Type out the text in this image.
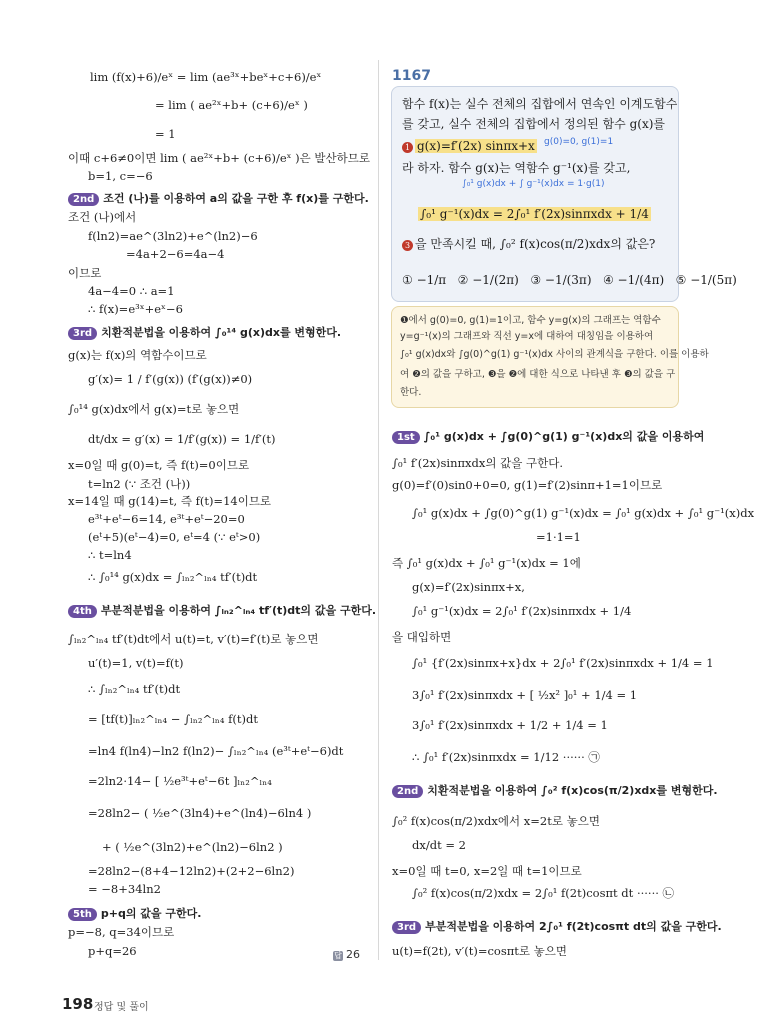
lim (f(x)+6)/eˣ = lim (ae³ˣ+beˣ+c+6)/eˣ
= lim ( ae²ˣ+b+ (c+6)/eˣ )
= 1
이때 c+6≠0이면 lim ( ae²ˣ+b+ (c+6)/eˣ )은 발산하므로
b=1, c=−6
2nd 조건 (나)를 이용하여 a의 값을 구한 후 f(x)를 구한다.
조건 (나)에서
f(ln2)=ae^(3ln2)+e^(ln2)−6
=4a+2−6=4a−4
이므로
4a−4=0 ∴ a=1
∴ f(x)=e³ˣ+eˣ−6
3rd 치환적분법을 이용하여 ∫₀¹⁴ g(x)dx를 변형한다.
g(x)는 f(x)의 역함수이므로
g′(x)= 1 / f′(g(x)) (f′(g(x))≠0)
∫₀¹⁴ g(x)dx에서 g(x)=t로 놓으면
dt/dx = g′(x) = 1/f′(g(x)) = 1/f′(t)
x=0일 때 g(0)=t, 즉 f(t)=0이므로
t=ln2 (∵ 조건 (나))
x=14일 때 g(14)=t, 즉 f(t)=14이므로
e³ᵗ+eᵗ−6=14, e³ᵗ+eᵗ−20=0
(eᵗ+5)(eᵗ−4)=0, eᵗ=4 (∵ eᵗ>0)
∴ t=ln4
∴ ∫₀¹⁴ g(x)dx = ∫ₗₙ₂^ₗₙ₄ tf′(t)dt
4th 부분적분법을 이용하여 ∫ₗₙ₂^ₗₙ₄ tf′(t)dt의 값을 구한다.
∫ₗₙ₂^ₗₙ₄ tf′(t)dt에서 u(t)=t, v′(t)=f′(t)로 놓으면
u′(t)=1, v(t)=f(t)
∴ ∫ₗₙ₂^ₗₙ₄ tf′(t)dt
= [tf(t)]ₗₙ₂^ₗₙ₄ − ∫ₗₙ₂^ₗₙ₄ f(t)dt
=ln4 f(ln4)−ln2 f(ln2)− ∫ₗₙ₂^ₗₙ₄ (e³ᵗ+eᵗ−6)dt
=2ln2·14− [ ½e³ᵗ+eᵗ−6t ]ₗₙ₂^ₗₙ₄
=28ln2− ( ½e^(3ln4)+e^(ln4)−6ln4 )
+ ( ½e^(3ln2)+e^(ln2)−6ln2 )
=28ln2−(8+4−12ln2)+(2+2−6ln2)
= −8+34ln2
5th p+q의 값을 구한다.
p=−8, q=34이므로
p+q=26	답 26
1167
함수 f(x)는 실수 전체의 집합에서 연속인 이계도함수
를 갖고, 실수 전체의 집합에서 정의된 함수 g(x)를
1 g(x)=f′(2x) sinπx+x g(0)=0, g(1)=1
라 하자. 함수 g(x)는 역함수 g⁻¹(x)를 갖고,
∫₀¹ g(x)dx + ∫ g⁻¹(x)dx = 1·g(1)
∫₀¹ g⁻¹(x)dx = 2∫₀¹ f′(2x)sinπxdx + 1/4
3 을 만족시킬 때, ∫₀² f(x)cos(π/2)xdx의 값은?
① −1/π ② −1/(2π) ③ −1/(3π) ④ −1/(4π) ⑤ −1/(5π)
❶에서 g(0)=0, g(1)=1이고, 함수 y=g(x)의 그래프는 역함수
y=g⁻¹(x)의 그래프와 직선 y=x에 대하여 대칭임을 이용하여
∫₀¹ g(x)dx와 ∫g(0)^g(1) g⁻¹(x)dx 사이의 관계식을 구한다. 이를 이용하
여 ❷의 값을 구하고, ❸을 ❷에 대한 식으로 나타낸 후 ❸의 값을 구
한다.
1st ∫₀¹ g(x)dx + ∫g(0)^g(1) g⁻¹(x)dx의 값을 이용하여
∫₀¹ f′(2x)sinπxdx의 값을 구한다.
g(0)=f′(0)sin0+0=0, g(1)=f′(2)sinπ+1=1이므로
∫₀¹ g(x)dx + ∫g(0)^g(1) g⁻¹(x)dx = ∫₀¹ g(x)dx + ∫₀¹ g⁻¹(x)dx
=1·1=1
즉 ∫₀¹ g(x)dx + ∫₀¹ g⁻¹(x)dx = 1에
g(x)=f′(2x)sinπx+x,
∫₀¹ g⁻¹(x)dx = 2∫₀¹ f′(2x)sinπxdx + 1/4
을 대입하면
∫₀¹ {f′(2x)sinπx+x}dx + 2∫₀¹ f′(2x)sinπxdx + 1/4 = 1
3∫₀¹ f′(2x)sinπxdx + [ ½x² ]₀¹ + 1/4 = 1
3∫₀¹ f′(2x)sinπxdx + 1/2 + 1/4 = 1
∴ ∫₀¹ f′(2x)sinπxdx = 1/12 ······ ㉠
2nd 치환적분법을 이용하여 ∫₀² f(x)cos(π/2)xdx를 변형한다.
∫₀² f(x)cos(π/2)xdx에서 x=2t로 놓으면
dx/dt = 2
x=0일 때 t=0, x=2일 때 t=1이므로
∫₀² f(x)cos(π/2)xdx = 2∫₀¹ f(2t)cosπt dt ······ ㉡
3rd 부분적분법을 이용하여 2∫₀¹ f(2t)cosπt dt의 값을 구한다.
u(t)=f(2t), v′(t)=cosπt로 놓으면
198 정답 및 풀이
